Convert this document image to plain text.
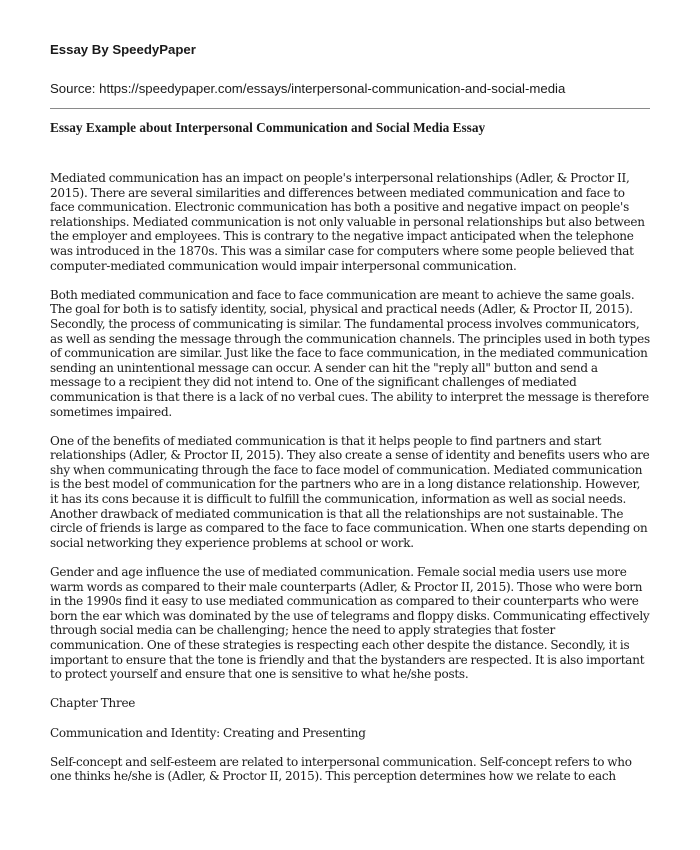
Essay By SpeedyPaper

Source: https://speedypaper.com/essays/interpersonal-communication-and-social-media

Essay Example about Interpersonal Communication and Social Media Essay

Mediated communication has an impact on people's interpersonal relationships (Adler, & Proctor II, 2015). There are several similarities and differences between mediated communication and face to face communication. Electronic communication has both a positive and negative impact on people's relationships. Mediated communication is not only valuable in personal relationships but also between the employer and employees. This is contrary to the negative impact anticipated when the telephone was introduced in the 1870s. This was a similar case for computers where some people believed that computer-mediated communication would impair interpersonal communication.

Both mediated communication and face to face communication are meant to achieve the same goals. The goal for both is to satisfy identity, social, physical and practical needs (Adler, & Proctor II, 2015). Secondly, the process of communicating is similar. The fundamental process involves communicators, as well as sending the message through the communication channels. The principles used in both types of communication are similar. Just like the face to face communication, in the mediated communication sending an unintentional message can occur. A sender can hit the "reply all" button and send a message to a recipient they did not intend to. One of the significant challenges of mediated communication is that there is a lack of no verbal cues. The ability to interpret the message is therefore sometimes impaired.

One of the benefits of mediated communication is that it helps people to find partners and start relationships (Adler, & Proctor II, 2015). They also create a sense of identity and benefits users who are shy when communicating through the face to face model of communication. Mediated communication is the best model of communication for the partners who are in a long distance relationship. However, it has its cons because it is difficult to fulfill the communication, information as well as social needs. Another drawback of mediated communication is that all the relationships are not sustainable. The circle of friends is large as compared to the face to face communication. When one starts depending on social networking they experience problems at school or work.

Gender and age influence the use of mediated communication. Female social media users use more warm words as compared to their male counterparts (Adler, & Proctor II, 2015). Those who were born in the 1990s find it easy to use mediated communication as compared to their counterparts who were born the ear which was dominated by the use of telegrams and floppy disks. Communicating effectively through social media can be challenging; hence the need to apply strategies that foster communication. One of these strategies is respecting each other despite the distance. Secondly, it is important to ensure that the tone is friendly and that the bystanders are respected. It is also important to protect yourself and ensure that one is sensitive to what he/she posts.

Chapter Three

Communication and Identity: Creating and Presenting

Self-concept and self-esteem are related to interpersonal communication. Self-concept refers to who one thinks he/she is (Adler, & Proctor II, 2015). This perception determines how we relate to each
